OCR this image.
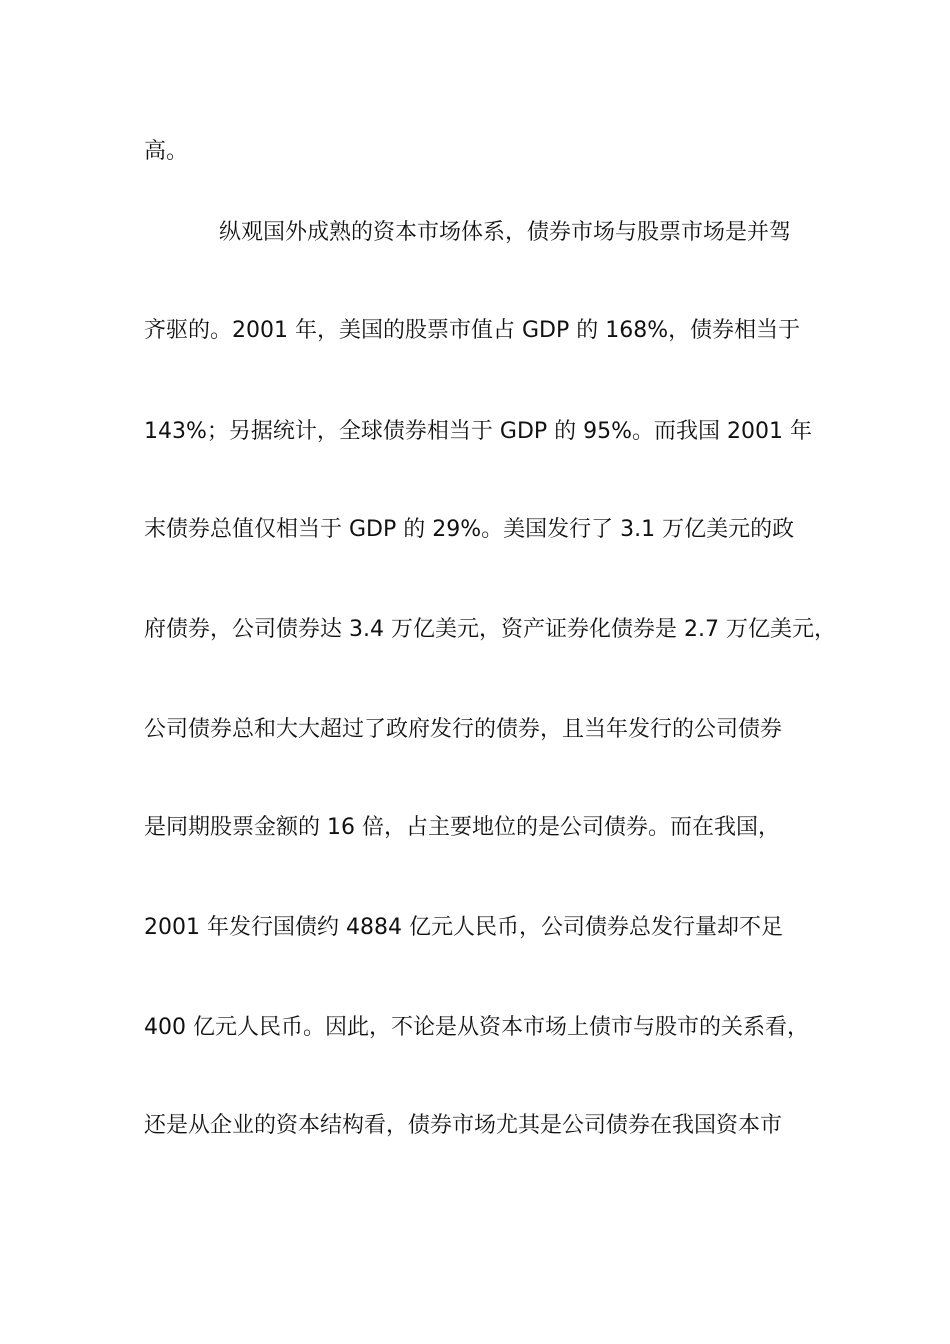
高。

纵观国外成熟的资本市场体系，债券市场与股票市场是并驾

齐驱的。2001 年，美国的股票市值占 GDP 的 168%，债券相当于

143%；另据统计，全球债券相当于 GDP 的 95%。而我国 2001 年

末债券总值仅相当于 GDP 的 29%。美国发行了 3.1 万亿美元的政

府债券，公司债券达 3.4 万亿美元，资产证券化债券是 2.7 万亿美元，

公司债券总和大大超过了政府发行的债券，且当年发行的公司债券

是同期股票金额的 16 倍，占主要地位的是公司债券。而在我国，

2001 年发行国债约 4884 亿元人民币，公司债券总发行量却不足

400 亿元人民币。因此，不论是从资本市场上债市与股市的关系看，

还是从企业的资本结构看，债券市场尤其是公司债券在我国资本市
